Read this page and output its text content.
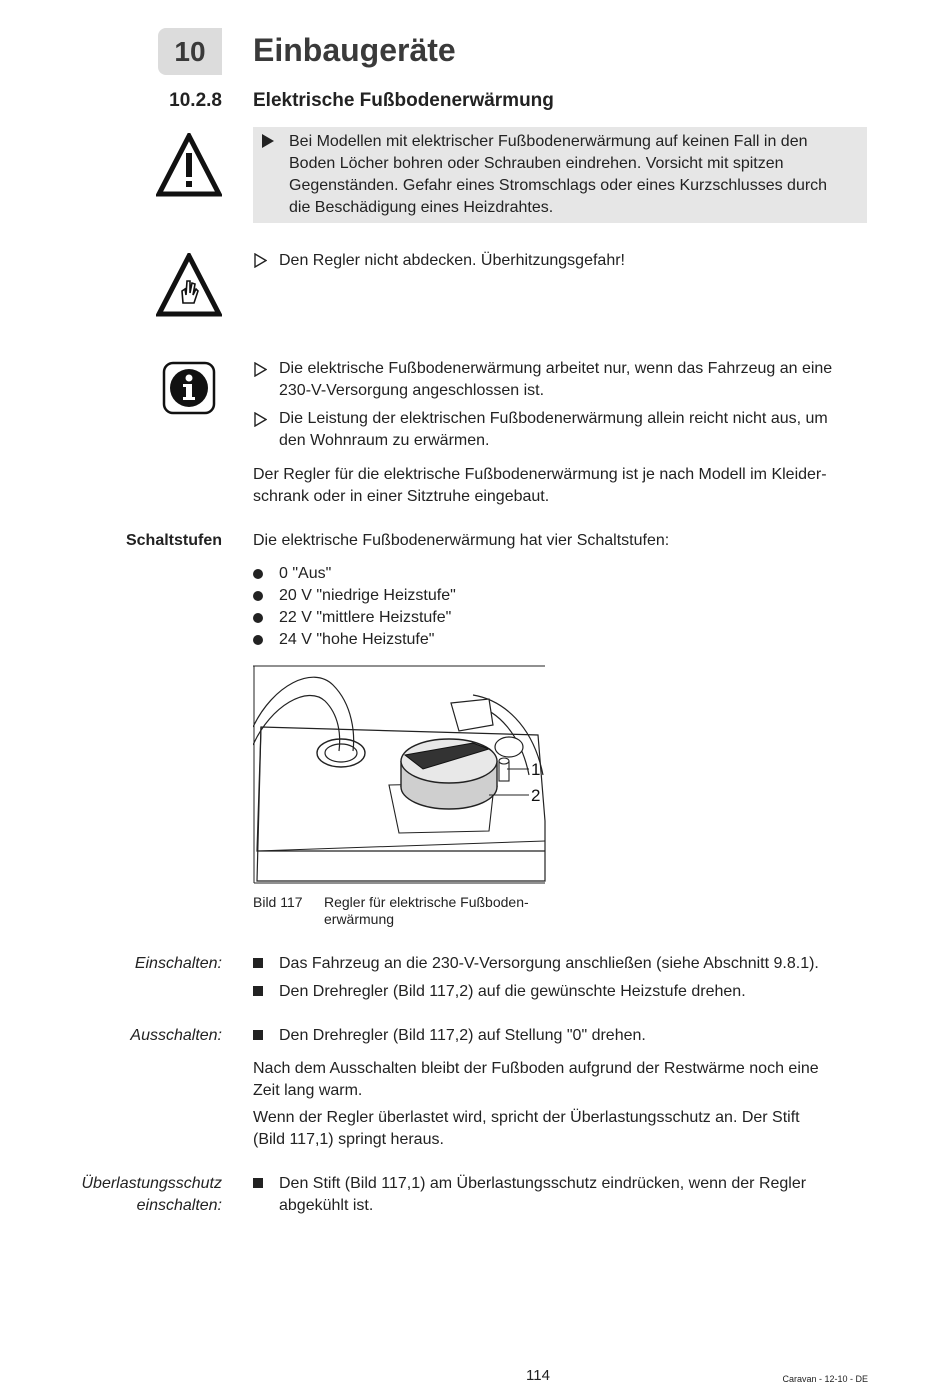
10 Einbaugeräte
10.2.8 Elektrische Fußbodenerwärmung
Bei Modellen mit elektrischer Fußbodenerwärmung auf keinen Fall in den
Boden Löcher bohren oder Schrauben eindrehen. Vorsicht mit spitzen
Gegenständen. Gefahr eines Stromschlags oder eines Kurzschlusses durch
die Beschädigung eines Heizdrahtes.
Den Regler nicht abdecken. Überhitzungsgefahr!
Die elektrische Fußbodenerwärmung arbeitet nur, wenn das Fahrzeug an eine
230-V-Versorgung angeschlossen ist.
Die Leistung der elektrischen Fußbodenerwärmung allein reicht nicht aus, um
den Wohnraum zu erwärmen.
Der Regler für die elektrische Fußbodenerwärmung ist je nach Modell im Kleider-
schrank oder in einer Sitztruhe eingebaut.
Schaltstufen Die elektrische Fußbodenerwärmung hat vier Schaltstufen:
0 "Aus"
20 V "niedrige Heizstufe"
22 V "mittlere Heizstufe"
24 V "hohe Heizstufe"
1
2
Bild 117 Regler für elektrische Fußboden-
erwärmung
Einschalten:	Das Fahrzeug an die 230-V-Versorgung anschließen (siehe Abschnitt 9.8.1).
Den Drehregler (Bild 117,2) auf die gewünschte Heizstufe drehen.
Ausschalten:	Den Drehregler (Bild 117,2) auf Stellung "0" drehen.
Nach dem Ausschalten bleibt der Fußboden aufgrund der Restwärme noch eine
Zeit lang warm.
Wenn der Regler überlastet wird, spricht der Überlastungsschutz an. Der Stift
(Bild 117,1) springt heraus.
Überlastungsschutz
einschalten:
Den Stift (Bild 117,1) am Überlastungsschutz eindrücken, wenn der Regler
abgekühlt ist.
114	Caravan - 12-10 - DE
